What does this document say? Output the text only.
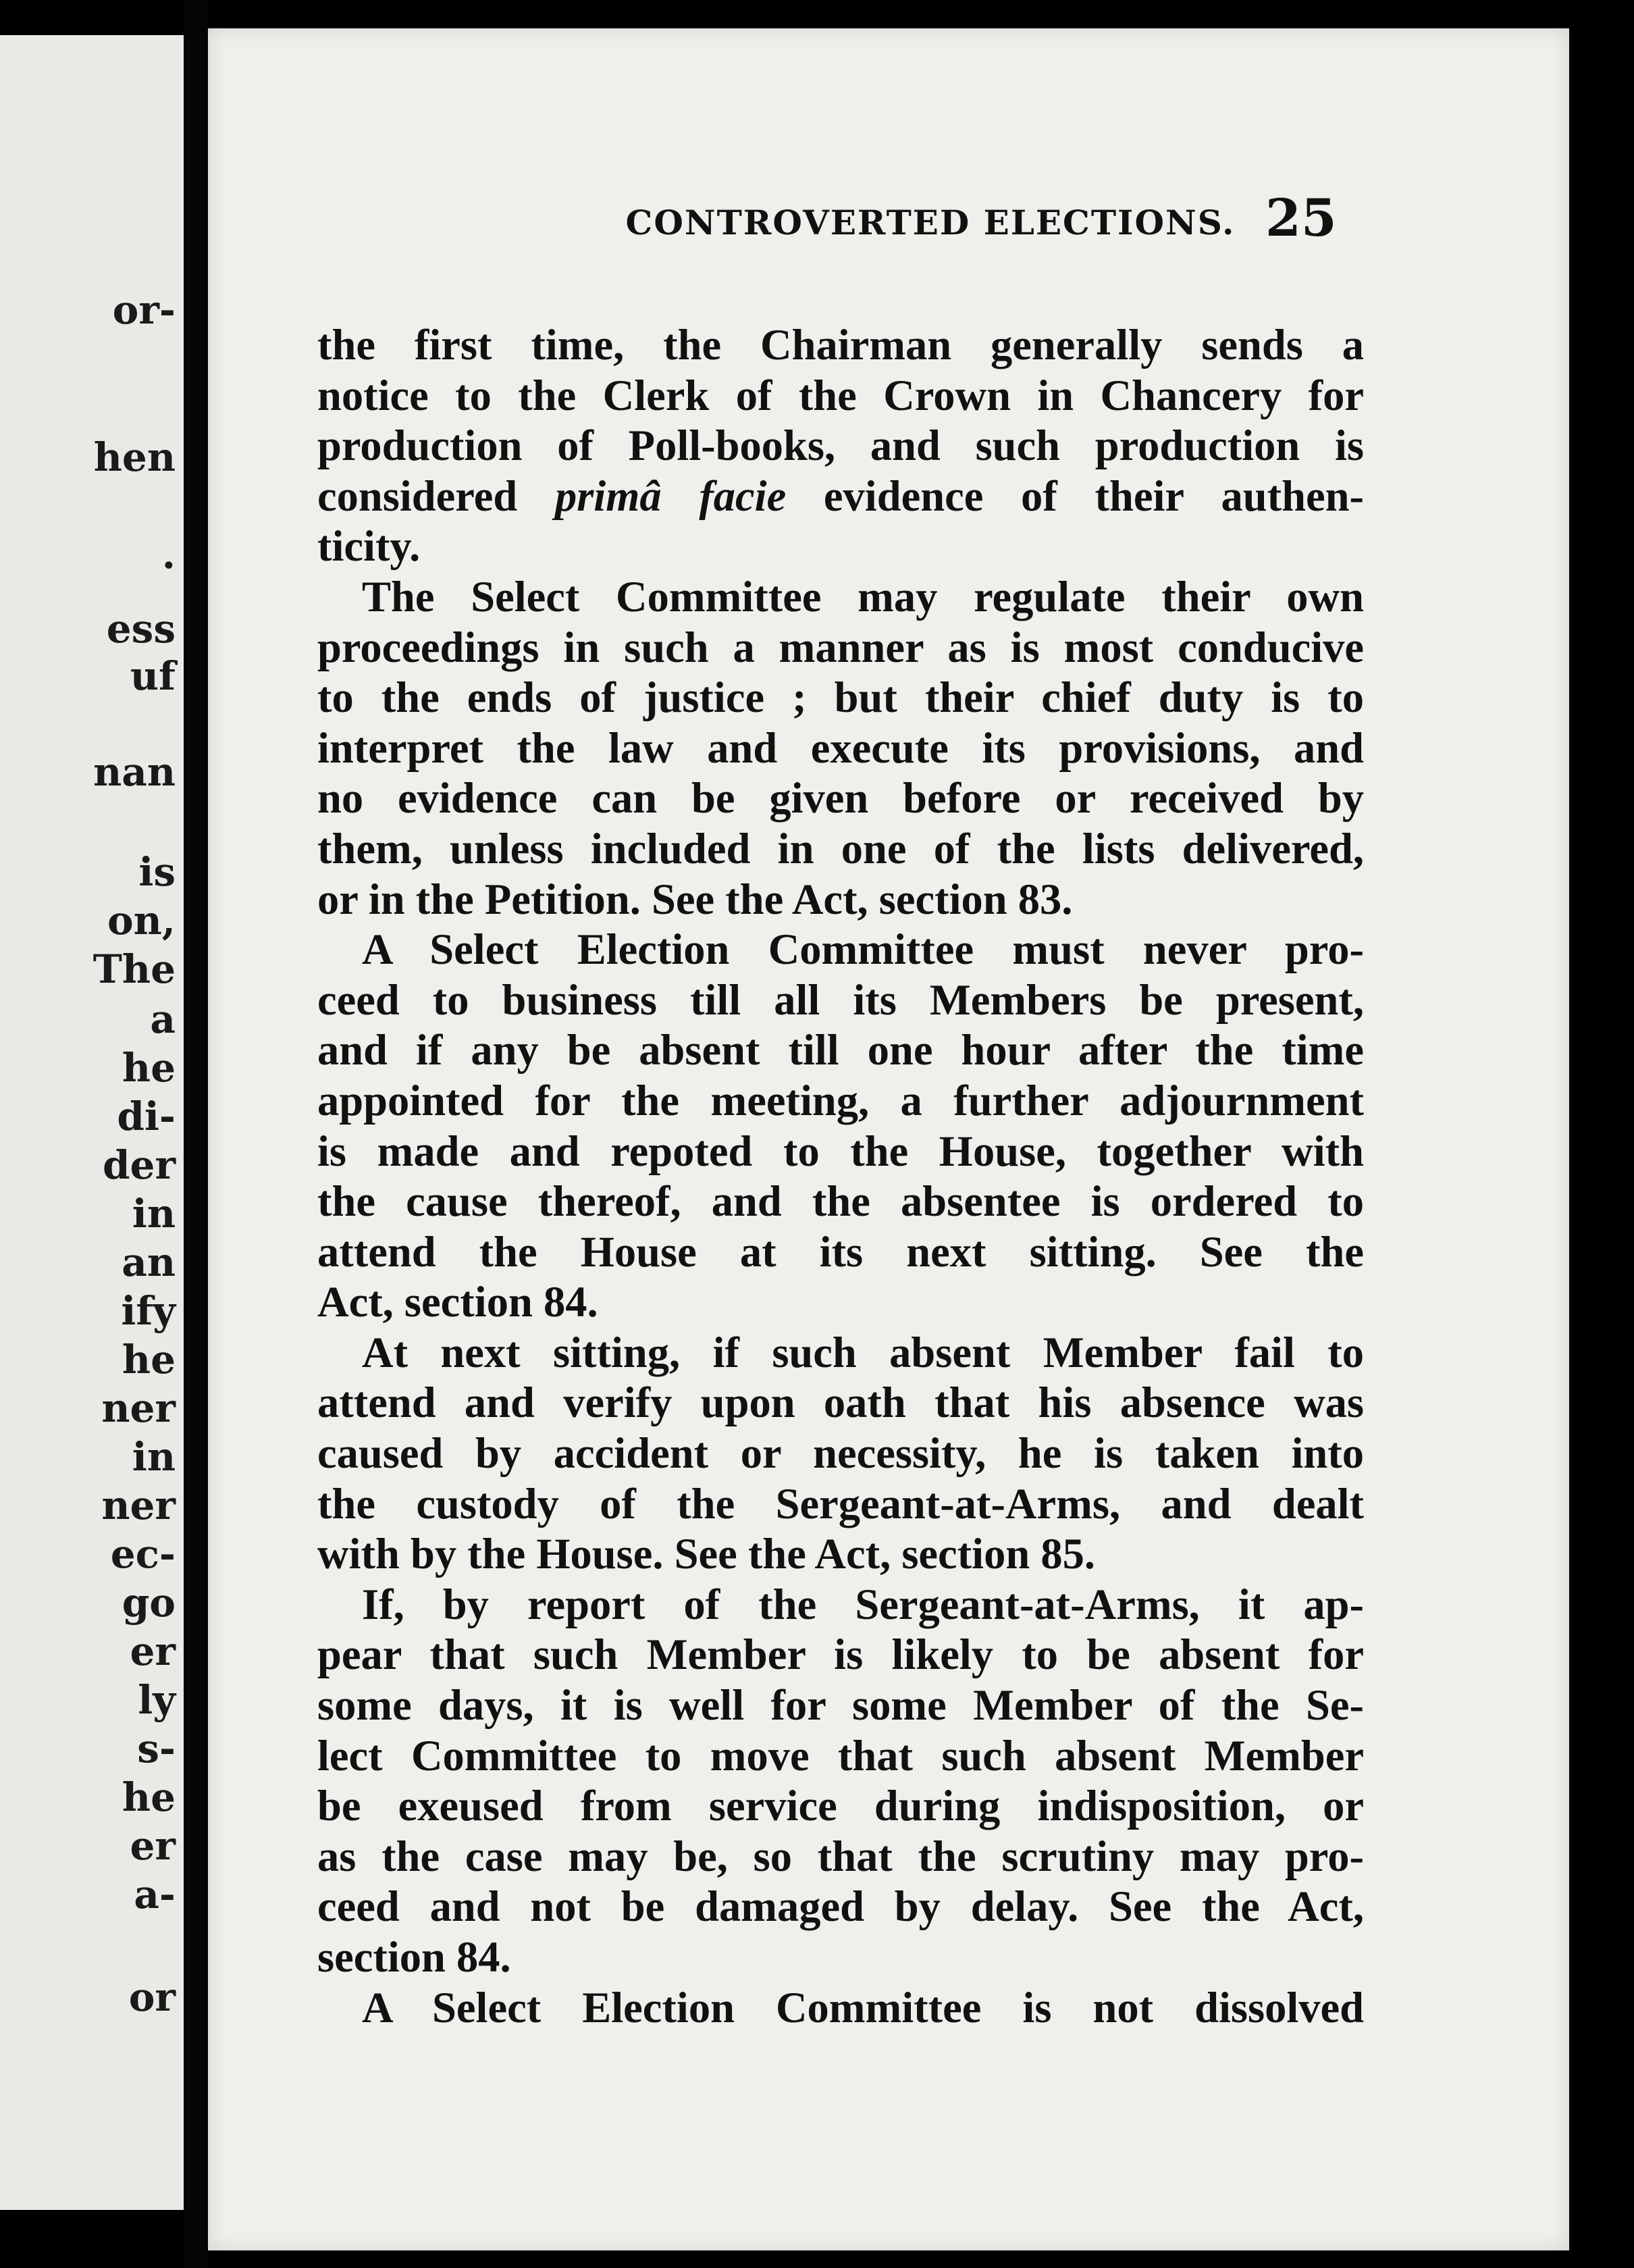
or-
hen
.
ess
uf
nan
is
on,
The
a
he
di-
der
in
an
ify
he
ner
in
ner
ec-
go
er
ly
s-
he
er
a-
or
CONTROVERTED ELECTIONS. 25
the first time, the Chairman generally sends a
notice to the Clerk of the Crown in Chancery for
production of Poll-books, and such production is
considered primâ facie evidence of their authen-
ticity.
The Select Committee may regulate their own
proceedings in such a manner as is most conducive
to the ends of justice ; but their chief duty is to
interpret the law and execute its provisions, and
no evidence can be given before or received by
them, unless included in one of the lists delivered,
or in the Petition. See the Act, section 83.
A Select Election Committee must never pro-
ceed to business till all its Members be present,
and if any be absent till one hour after the time
appointed for the meeting, a further adjournment
is made and repoted to the House, together with
the cause thereof, and the absentee is ordered to
attend the House at its next sitting. See the
Act, section 84.
At next sitting, if such absent Member fail to
attend and verify upon oath that his absence was
caused by accident or necessity, he is taken into
the custody of the Sergeant-at-Arms, and dealt
with by the House. See the Act, section 85.
If, by report of the Sergeant-at-Arms, it ap-
pear that such Member is likely to be absent for
some days, it is well for some Member of the Se-
lect Committee to move that such absent Member
be exeused from service during indisposition, or
as the case may be, so that the scrutiny may pro-
ceed and not be damaged by delay. See the Act,
section 84.
A Select Election Committee is not dissolved
